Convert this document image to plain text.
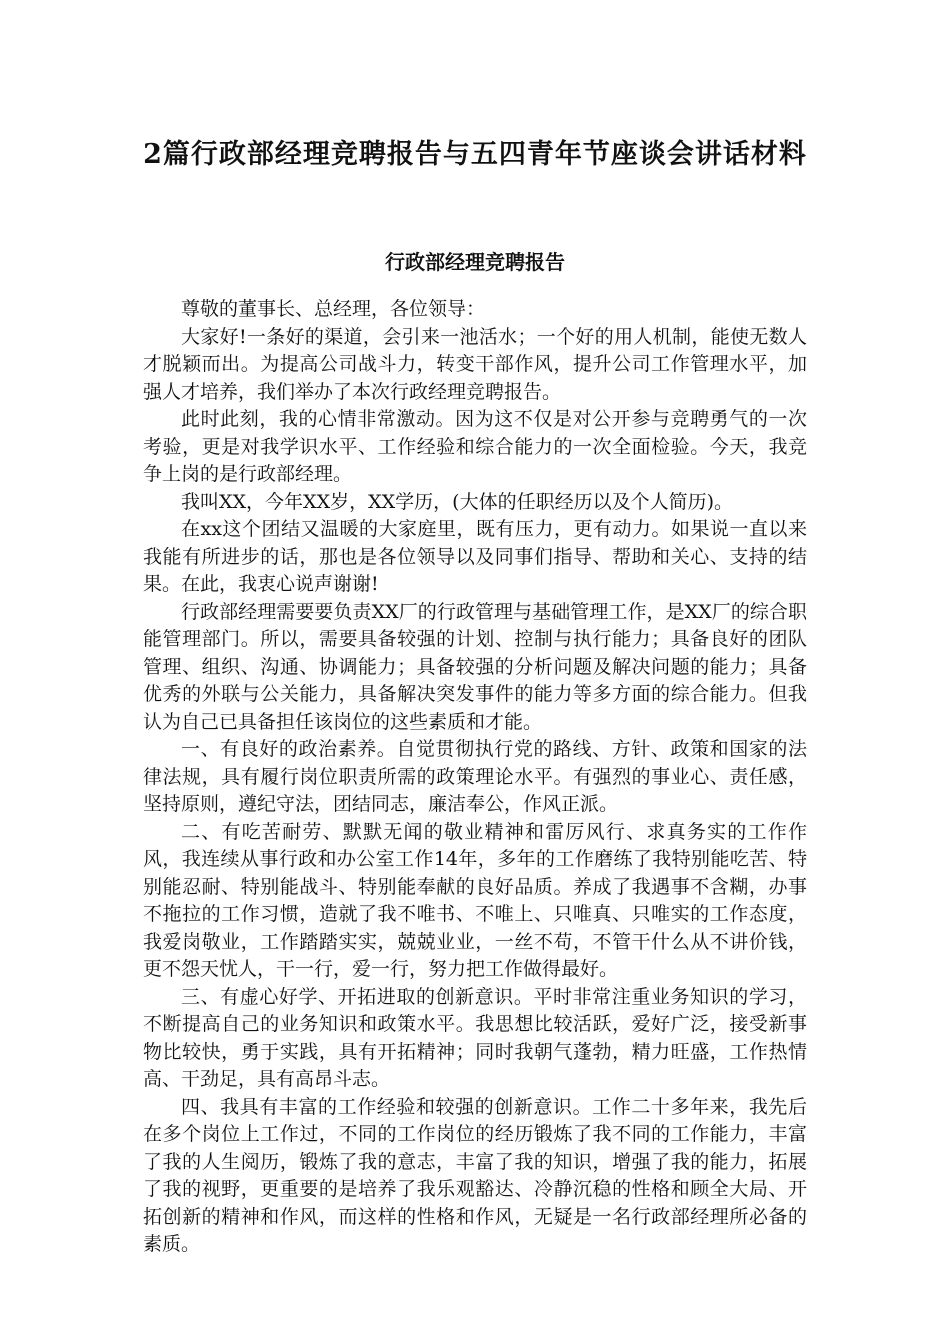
2篇行政部经理竞聘报告与五四青年节座谈会讲话材料
行政部经理竞聘报告

尊敬的董事长、总经理，各位领导：

大家好!一条好的渠道，会引来一池活水；一个好的用人机制，能使无数人才脱颖而出。为提高公司战斗力，转变干部作风，提升公司工作管理水平，加强人才培养，我们举办了本次行政经理竞聘报告。

此时此刻，我的心情非常激动。因为这不仅是对公开参与竞聘勇气的一次考验，更是对我学识水平、工作经验和综合能力的一次全面检验。今天，我竞争上岗的是行政部经理。

我叫XX，今年XX岁，XX学历，(大体的任职经历以及个人简历)。

在xx这个团结又温暖的大家庭里，既有压力，更有动力。如果说一直以来我能有所进步的话，那也是各位领导以及同事们指导、帮助和关心、支持的结果。在此，我衷心说声谢谢!

行政部经理需要要负责XX厂的行政管理与基础管理工作，是XX厂的综合职能管理部门。所以，需要具备较强的计划、控制与执行能力；具备良好的团队管理、组织、沟通、协调能力；具备较强的分析问题及解决问题的能力；具备优秀的外联与公关能力，具备解决突发事件的能力等多方面的综合能力。但我认为自己已具备担任该岗位的这些素质和才能。

一、有良好的政治素养。自觉贯彻执行党的路线、方针、政策和国家的法律法规，具有履行岗位职责所需的政策理论水平。有强烈的事业心、责任感，坚持原则，遵纪守法，团结同志，廉洁奉公，作风正派。

二、有吃苦耐劳、默默无闻的敬业精神和雷厉风行、求真务实的工作作风，我连续从事行政和办公室工作14年，多年的工作磨练了我特别能吃苦、特别能忍耐、特别能战斗、特别能奉献的良好品质。养成了我遇事不含糊，办事不拖拉的工作习惯，造就了我不唯书、不唯上、只唯真、只唯实的工作态度，我爱岗敬业，工作踏踏实实，兢兢业业，一丝不苟，不管干什么从不讲价钱，更不怨天忧人，干一行，爱一行，努力把工作做得最好。

三、有虚心好学、开拓进取的创新意识。平时非常注重业务知识的学习，不断提高自己的业务知识和政策水平。我思想比较活跃，爱好广泛，接受新事物比较快，勇于实践，具有开拓精神；同时我朝气蓬勃，精力旺盛，工作热情高、干劲足，具有高昂斗志。

四、我具有丰富的工作经验和较强的创新意识。工作二十多年来，我先后在多个岗位上工作过，不同的工作岗位的经历锻炼了我不同的工作能力，丰富了我的人生阅历，锻炼了我的意志，丰富了我的知识，增强了我的能力，拓展了我的视野，更重要的是培养了我乐观豁达、冷静沉稳的性格和顾全大局、开拓创新的精神和作风，而这样的性格和作风，无疑是一名行政部经理所必备的素质。
